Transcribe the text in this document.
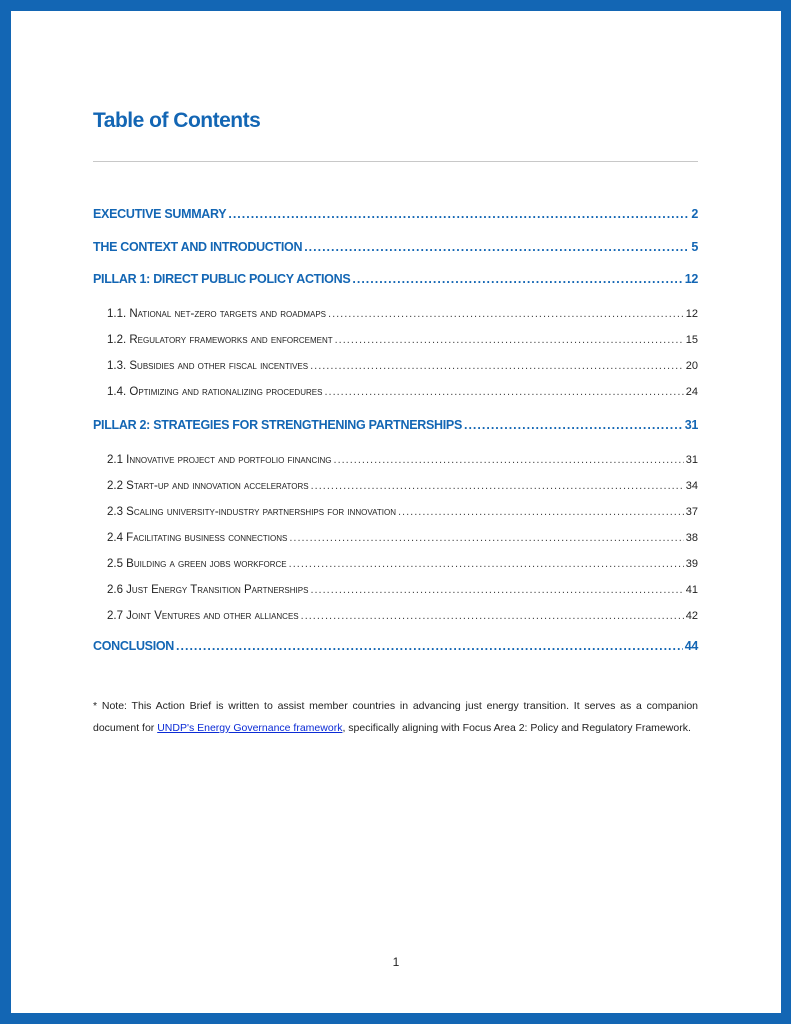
Table of Contents
EXECUTIVE SUMMARY .....	2
THE CONTEXT AND INTRODUCTION .....	5
PILLAR 1: DIRECT PUBLIC POLICY ACTIONS .....	12
1.1. National net-zero targets and roadmaps .....	12
1.2. Regulatory frameworks and enforcement .....	15
1.3. Subsidies and other fiscal incentives .....	20
1.4. Optimizing and rationalizing procedures .....	24
PILLAR 2: STRATEGIES FOR STRENGTHENING PARTNERSHIPS .....	31
2.1 Innovative project and portfolio financing .....	31
2.2 Start-up and innovation accelerators .....	34
2.3 Scaling university-industry partnerships for innovation .....	37
2.4 Facilitating business connections .....	38
2.5 Building a green jobs workforce .....	39
2.6 Just Energy Transition Partnerships .....	41
2.7 Joint Ventures and other alliances .....	42
CONCLUSION .....	44
* Note: This Action Brief is written to assist member countries in advancing just energy transition. It serves as a companion document for UNDP's Energy Governance framework, specifically aligning with Focus Area 2: Policy and Regulatory Framework.
1
